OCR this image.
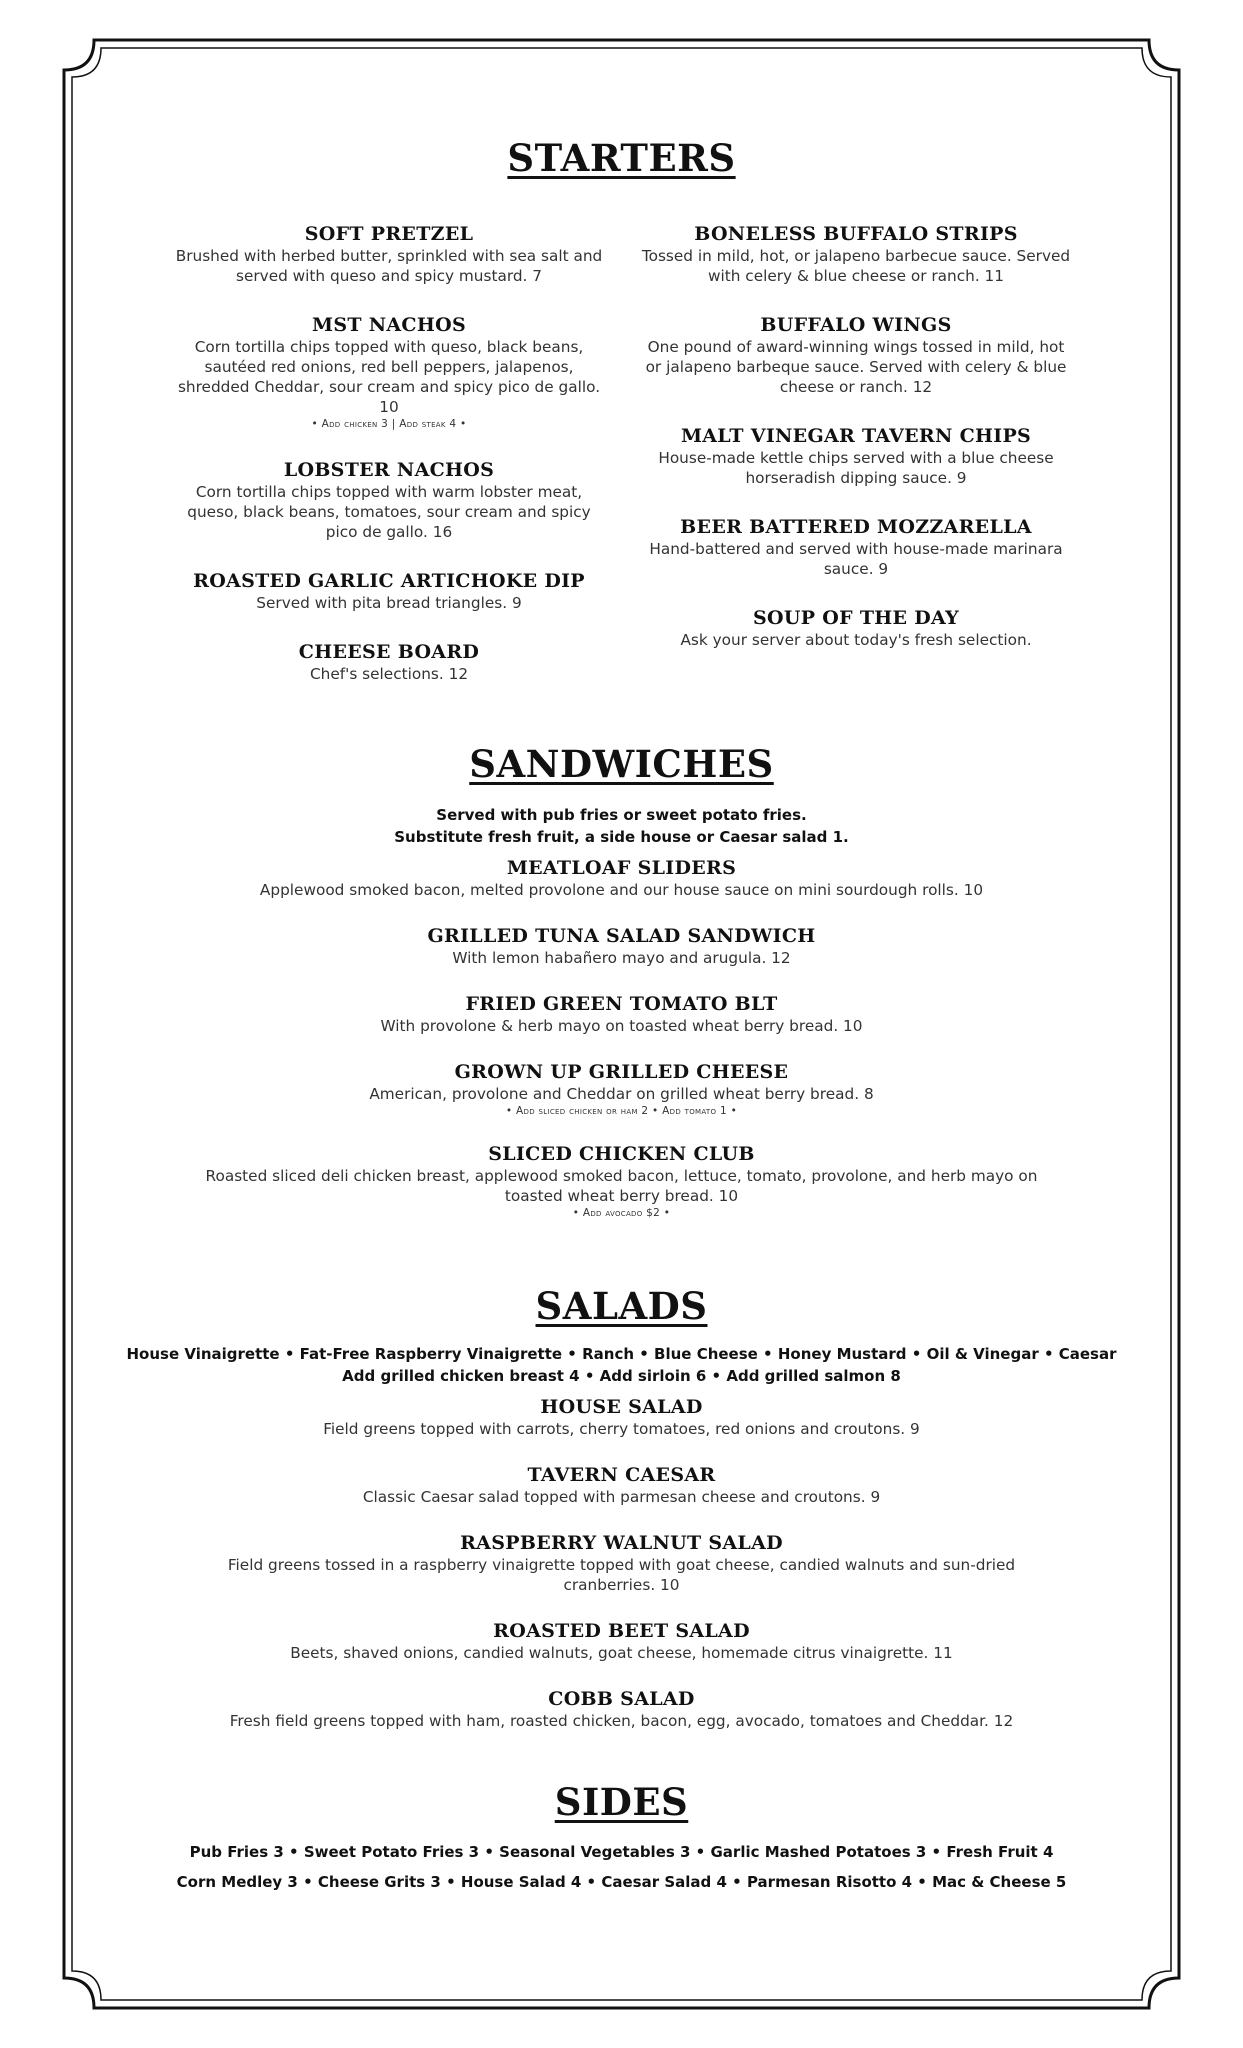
STARTERS
SOFT PRETZEL
Brushed with herbed butter, sprinkled with sea salt and served with queso and spicy mustard. 7
MST NACHOS
Corn tortilla chips topped with queso, black beans, sautéed red onions, red bell peppers, jalapenos, shredded Cheddar, sour cream and spicy pico de gallo. 10
• Add chicken 3 | Add steak 4 •
LOBSTER NACHOS
Corn tortilla chips topped with warm lobster meat, queso, black beans, tomatoes, sour cream and spicy pico de gallo. 16
ROASTED GARLIC ARTICHOKE DIP
Served with pita bread triangles. 9
CHEESE BOARD
Chef's selections. 12
BONELESS BUFFALO STRIPS
Tossed in mild, hot, or jalapeno barbecue sauce. Served with celery & blue cheese or ranch. 11
BUFFALO WINGS
One pound of award-winning wings tossed in mild, hot or jalapeno barbeque sauce. Served with celery & blue cheese or ranch. 12
MALT VINEGAR TAVERN CHIPS
House-made kettle chips served with a blue cheese horseradish dipping sauce. 9
BEER BATTERED MOZZARELLA
Hand-battered and served with house-made marinara sauce. 9
SOUP OF THE DAY
Ask your server about today's fresh selection.
SANDWICHES
Served with pub fries or sweet potato fries.
Substitute fresh fruit, a side house or Caesar salad 1.
MEATLOAF SLIDERS
Applewood smoked bacon, melted provolone and our house sauce on mini sourdough rolls. 10
GRILLED TUNA SALAD SANDWICH
With lemon habañero mayo and arugula. 12
FRIED GREEN TOMATO BLT
With provolone & herb mayo on toasted wheat berry bread. 10
GROWN UP GRILLED CHEESE
American, provolone and Cheddar on grilled wheat berry bread. 8
• Add sliced chicken or ham 2 • Add tomato 1 •
SLICED CHICKEN CLUB
Roasted sliced deli chicken breast, applewood smoked bacon, lettuce, tomato, provolone, and herb mayo on toasted wheat berry bread. 10
• Add avocado $2 •
SALADS
House Vinaigrette • Fat-Free Raspberry Vinaigrette • Ranch • Blue Cheese • Honey Mustard • Oil & Vinegar • Caesar
Add grilled chicken breast 4 • Add sirloin 6 • Add grilled salmon 8
HOUSE SALAD
Field greens topped with carrots, cherry tomatoes, red onions and croutons. 9
TAVERN CAESAR
Classic Caesar salad topped with parmesan cheese and croutons. 9
RASPBERRY WALNUT SALAD
Field greens tossed in a raspberry vinaigrette topped with goat cheese, candied walnuts and sun-dried cranberries. 10
ROASTED BEET SALAD
Beets, shaved onions, candied walnuts, goat cheese, homemade citrus vinaigrette. 11
COBB SALAD
Fresh field greens topped with ham, roasted chicken, bacon, egg, avocado, tomatoes and Cheddar. 12
SIDES
Pub Fries 3 • Sweet Potato Fries 3 • Seasonal Vegetables 3 • Garlic Mashed Potatoes 3 • Fresh Fruit 4
Corn Medley 3 • Cheese Grits 3 • House Salad 4 • Caesar Salad 4 • Parmesan Risotto 4 • Mac & Cheese 5
